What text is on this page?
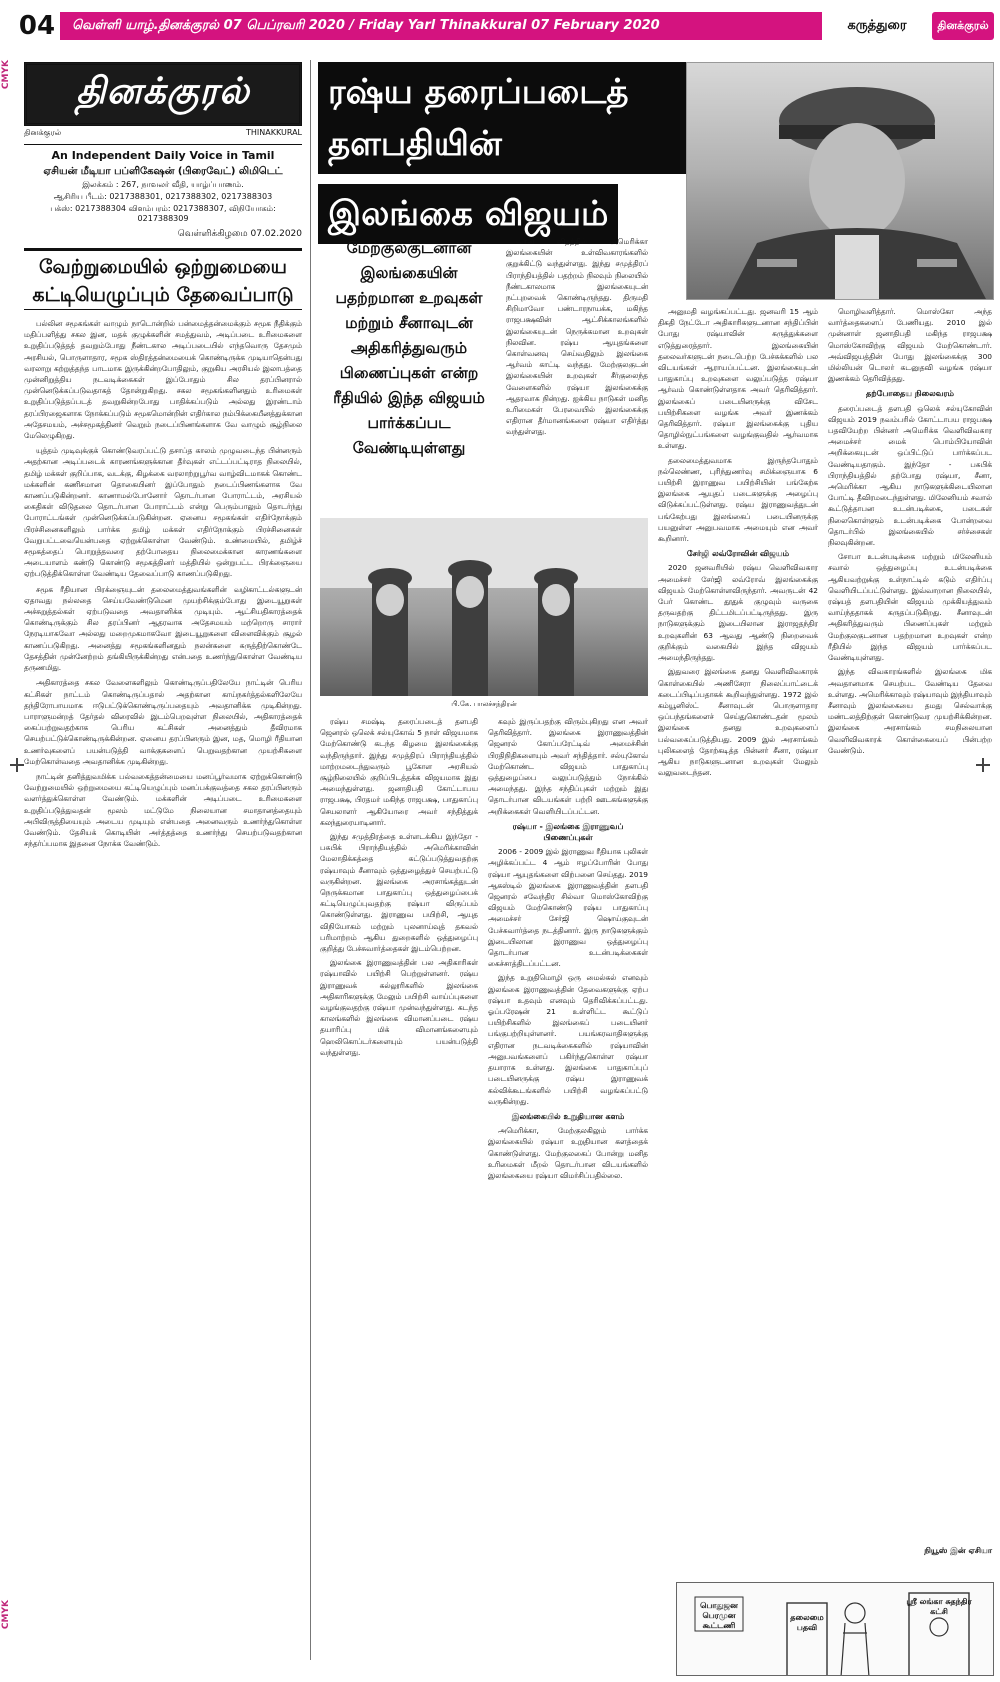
CMYK
CMYK
04	வெள்ளி யாழ்.தினக்குரல் 07 பெப்ரவரி 2020 / Friday Yarl Thinakkural 07 February 2020	கருத்துரை	தினக்குரல்
தினக்குரல்
தினக்குரல்	THINAKKURAL
An Independent Daily Voice in Tamil
ஏசியன் மீடியா பப்ளிகேஷன் (பிரைவேட்) லிமிடெட்
இலக்கம் : 267, நாவலர் வீதி, யாழ்ப்பாணம்.
ஆசிரிய பீடம்: 0217388301, 0217388302, 0217388303
பக்ஸ்: 0217388304 விளம்பரம்: 0217388307, விநியோகம்: 0217388309
வெள்ளிக்கிழமை 07.02.2020
வேற்றுமையில் ஒற்றுமையை கட்டியெழுப்பும் தேவைப்பாடு

பல்லின சமூகங்கள் வாழும் நாடொன்றில் பன்மைத்தன்மைக்கும் சமூக நீதிக்கும் மதிப்பளித்து சகல இன, மதக் குழுக்களின் சமத்துவம், அடிப்படை உரிமைகளை உறுதிப்படுத்தத் தவறும்போது நீண்டகால அடிப்படையில் எந்தவொரு தேசமும் அரசியல், பொருளாதார, சமூக ஸ்திரத்தன்மையைக் கொண்டிருக்க முடியாதென்பது வரலாறு கற்றுத்தந்த பாடமாக இருக்கின்றபோதிலும், குறுகிய அரசியல் இலாபத்தை முன்னிறுத்திய நடவடிக்கைகள் இப்போதும் சில தரப்பினரால் முன்னெடுக்கப்படுவதாகத் தோன்றுகிறது. சகல சமூகங்களினதும் உரிமைகள் உறுதிப்படுத்தப்படத் தவறுகின்றபோது பாதிக்கப்படும் அல்லது இரண்டாம் தரப்பிரஜைகளாக நோக்கப்படும் சமூகமொன்றின் எதிர்கால நம்பிக்கையீனத்துக்கான அதேசமயம், அச்சமூகத்தினர் வெறும் நடைப்பிணங்களாக வே வாழும் சூழ்நிலை மேலெழுகிறது.

யுத்தம் முடிவுக்குக் கொண்டுவரப்பட்டு தசாப்த காலம் முழுவடைந்த பின்னரும் அதற்கான அடிப்படைக் காரணங்களுக்கான தீர்வுகள் எட்டப்பட்டிராத நிலையில், தமிழ் மக்கள் குறிப்பாக, வடக்கு, கிழக்கை வரலாற்றுபூர்வ வாழ்விடமாகக் கொண்ட மக்களின் கணிசமான தொகையினர் இப்போதும் நடைப்பிணங்களாக வே காணப்படுகின்றனர். காணாமல்போனோர் தொடர்பான போராட்டம், அரசியல் கைதிகள் விடுதலை தொடர்பான போராட்டம் என்று பெரும்பாலும் தொடர்ந்து போராட்டங்கள் முன்னெடுக்கப்படுகின்றன. ஏனைய சமூகங்கள் எதிர்நோக்கும் பிரச்சினைகளிலும் பார்க்க தமிழ் மக்கள் எதிர்நோக்கும் பிரச்சினைகள் வேறுபட்டவையென்பதை ஏற்றுக்கொள்ள வேண்டும். உண்மையில், தமிழ்ச் சமூகத்தைப் பொறுத்தவரை தற்போதைய நிலைமைக்கான காரணங்களை அடையாளம் கண்டு கொண்டு சமூகத்தினர் மத்தியில் ஒன்றுபட்ட பிரக்ஞையை ஏற்படுத்திக்கொள்ள வேண்டிய தேவைப்பாடு காணப்படுகிறது.

சமூக ரீதியான பிரக்ஞையுடன் தலைமைத்துவங்களின் வழிகாட்டல்களுடன் ஏதாவது நல்லதை செய்யவேண்டுமென முயற்சிக்கும்போது இடையூறுகள் அச்சுறுத்தல்கள் ஏற்படுவதை அவதானிக்க முடியும். ஆட்சியதிகாரத்தைக் கொண்டிருக்கும் சில தரப்பினர் ஆதரவாக அதேசமயம் மற்றொரு சாரார் நேரடியாகவோ அல்லது மறைமுகமாகவோ இடையூறுகளை விளைவிக்கும் சூழல் காணப்படுகிறது. அனைத்து சமூகங்களினதும் நலன்களை கருத்திற்கொண்டே தேசத்தின் முன்னேற்றம் தங்கியிருக்கின்றது என்பதை உணர்ந்துகொள்ள வேண்டிய தருணமிது.

அதிகாரத்தை சகல வேளைகளிலும் கொண்டிருப்பதிலேயே நாட்டின் பெரிய கட்சிகள் நாட்டம் கொண்டிருப்பதால் அதற்கான காய்நகர்த்தல்களிலேயே தந்திரோபாயமாக ஈடுபட்டுக்கொண்டிருப்பதையும் அவதானிக்க முடிகின்றது. பாராளுமன்றத் தேர்தல் விரைவில் இடம்பெறவுள்ள நிலையில், அதிகாரத்தைக் கைப்பற்றுவதற்காக பெரிய கட்சிகள் அனைத்தும் தீவிரமாக செயற்பட்டுக்கொண்டிருக்கின்றன. ஏனைய தரப்பினரும் இன, மத, மொழி ரீதியான உணர்வுகளைப் பயன்படுத்தி வாக்குகளைப் பெறுவதற்கான முயற்சிகளை மேற்கொள்வதை அவதானிக்க முடிகின்றது.

நாட்டின் தனித்துவமிக்க பல்வகைத்தன்மையை மனப்பூர்வமாக ஏற்றுக்கொண்டு வேற்றுமையில் ஒற்றுமையை கட்டியெழுப்பும் மனப்பக்குவத்தை சகல தரப்பினரும் வளர்த்துக்கொள்ள வேண்டும். மக்களின் அடிப்படை உரிமைகளை உறுதிப்படுத்துவதன் மூலம் மட்டுமே நிலையான சமாதானத்தையும் அபிவிருத்தியையும் அடைய முடியும் என்பதை அனைவரும் உணர்ந்துகொள்ள வேண்டும். தேசியக் கொடியின் அர்த்தத்தை உணர்ந்து செயற்படுவதற்கான சந்தர்ப்பமாக இதனை நோக்க வேண்டும்.

ரஷ்ய தரைப்படைத் தளபதியின் இலங்கை விஜயம்
மேற்குலகுடனான இலங்கையின் பதற்றமான உறவுகள் மற்றும் சீனாவுடன் அதிகரித்துவரும் பிணைப்புகள் என்ற ரீதியில் இந்த விஜயம் பார்க்கப்பட வேண்டியுள்ளது

வான விதத்தில் அமெரிக்கா இலங்கையின் உள்விவகாரங்களில் குறுக்கிட்டு வந்துள்ளது. இந்து சமுத்திரப் பிராந்தியத்தில் பதற்றம் நிலவும் நிலையில் நீண்டகாலமாக இலங்கையுடன் நட்புறவைக் கொண்டிருந்தது. திருமதி சிறிமாவோ பண்டாரநாயக்க, மகிந்த ராஜபக்ஷவின் ஆட்சிக்காலங்களில் இலங்கையுடன் நெருக்கமான உறவுகள் நிலவின. ரஷ்ய ஆயுதங்களை கொள்வனவு செய்வதிலும் இலங்கை ஆர்வம் காட்டி வந்தது. மேற்குலகுடன் இலங்கையின் உறவுகள் சீர்குலைந்த வேளைகளில் ரஷ்யா இலங்கைக்கு ஆதரவாக நின்றது. ஐக்கிய நாடுகள் மனித உரிமைகள் பேரவையில் இலங்கைக்கு எதிரான தீர்மானங்களை ரஷ்யா எதிர்த்து வந்துள்ளது.

பி.கே. பாலச்சந்திரன்

ரஷ்ய சமஷ்டி தரைப்படைத் தளபதி ஜெனரல் ஒலெக் சல்யுகோவ் 5 நாள் விஜயமாக மேற்கொண்டு கடந்த கிழமை இலங்கைக்கு வந்திருந்தார். இந்து சமுத்திரப் பிராந்தியத்தில் மாற்றமடைந்துவரும் பூகோள அரசியல் சூழ்நிலையில் குறிப்பிடத்தக்க விஜயமாக இது அமைந்துள்ளது. ஜனாதிபதி கோட்டாபய ராஜபக்ஷ, பிரதமர் மகிந்த ராஜபக்ஷ, பாதுகாப்பு செயலாளர் ஆகியோரை அவர் சந்தித்துக் கலந்துரையாடினார்.

இந்து சமுத்திரத்தை உள்ளடக்கிய இந்தோ - பசுபிக் பிராந்தியத்தில் அமெரிக்காவின் மேலாதிக்கத்தை கட்டுப்படுத்துவதற்கு ரஷ்யாவும் சீனாவும் ஒத்துழைத்துச் செயற்பட்டு வருகின்றன. இலங்கை அரசாங்கத்துடன் நெருக்கமான பாதுகாப்பு ஒத்துழைப்பைக் கட்டியெழுப்புவதற்கு ரஷ்யா விருப்பம் கொண்டுள்ளது. இராணுவ பயிற்சி, ஆயுத விநியோகம் மற்றும் புலனாய்வுத் தகவல் பரிமாற்றம் ஆகிய துறைகளில் ஒத்துழைப்பு குறித்து பேச்சுவார்த்தைகள் இடம்பெற்றன.

இலங்கை இராணுவத்தின் பல அதிகாரிகள் ரஷ்யாவில் பயிற்சி பெற்றுள்ளனர். ரஷ்ய இராணுவக் கல்லூரிகளில் இலங்கை அதிகாரிகளுக்கு மேலும் பயிற்சி வாய்ப்புகளை வழங்குவதற்கு ரஷ்யா முன்வந்துள்ளது. கடந்த காலங்களில் இலங்கை விமானப்படை ரஷ்ய தயாரிப்பு மிக் விமானங்களையும் ஹெலிகொப்டர்களையும் பயன்படுத்தி வந்துள்ளது.

கவும் இருப்பதற்கு விரும்புகிறது என அவர் தெரிவித்தார். இலங்கை இராணுவத்தின் ஜெனரல் கோப்பரேட்டிவ் அமைச்சின் பிரதிநிதிகளையும் அவர் சந்தித்தார். சல்யுகோவ் மேற்கொண்ட விஜயம் பாதுகாப்பு ஒத்துழைப்பை வலுப்படுத்தும் நோக்கில் அமைந்தது. இந்த சந்திப்புகள் மற்றும் இது தொடர்பான விடயங்கள் பற்றி ஊடகங்களுக்கு அறிக்கைகள் வெளியிடப்பட்டன.

ரஷ்யா - இலங்கை இராணுவப் பிணைப்புகள்

2006 - 2009 இல் இராணுவ ரீதியாக புலிகள் அழிக்கப்பட்ட 4 ஆம் ஈழப்போரின் போது ரஷ்யா ஆயுதங்களை விற்பனை செய்தது. 2019 ஆகஸ்டில் இலங்கை இராணுவத்தின் தளபதி ஜெனரல் சவேந்திர சில்வா மொஸ்கோவிற்கு விஜயம் மேற்கொண்டு ரஷ்ய பாதுகாப்பு அமைச்சர் சேர்ஜி ஷொய்குவுடன் பேச்சுவார்த்தை நடத்தினார். இரு நாடுகளுக்கும் இடையிலான இராணுவ ஒத்துழைப்பு தொடர்பான உடன்படிக்கைகள் கைச்சாத்திடப்பட்டன.

இந்த உறுதிமொழி ஒரு மைல்கல் எனவும் இலங்கை இராணுவத்தின் தேவைகளுக்கு ஏற்ப ரஷ்யா உதவும் எனவும் தெரிவிக்கப்பட்டது. ஓப்பரேஷன் 21 உள்ளிட்ட கூட்டுப் பயிற்சிகளில் இலங்கைப் படையினர் பங்குபற்றியுள்ளனர். பயங்கரவாதிகளுக்கு எதிரான நடவடிக்கைகளில் ரஷ்யாவின் அனுபவங்களைப் பகிர்ந்துகொள்ள ரஷ்யா தயாராக உள்ளது. இலங்கை பாதுகாப்புப் படையினருக்கு ரஷ்ய இராணுவக் கல்விக்கூடங்களில் பயிற்சி வழங்கப்பட்டு வருகின்றது.

இலங்கையில் உறுதியான களம்

அமெரிக்கா, மேற்குலகிலும் பார்க்க இலங்கையில் ரஷ்யா உறுதியான களத்தைக் கொண்டுள்ளது. மேற்குலகைப் போன்று மனித உரிமைகள் மீறல் தொடர்பான விடயங்களில் இலங்கையை ரஷ்யா விமர்சிப்பதில்லை.

அனுமதி வழங்கப்பட்டது. ஜனவரி 15 ஆம் திகதி நேட்டோ அதிகாரிகளுடனான சந்திப்பின் போது ரஷ்யாவின் கருத்துக்களை எடுத்துரைத்தார். இலங்கையின் தலைவர்களுடன் நடைபெற்ற பேச்சுக்களில் பல விடயங்கள் ஆராயப்பட்டன. இலங்கையுடன் பாதுகாப்பு உறவுகளை வலுப்படுத்த ரஷ்யா ஆர்வம் கொண்டுள்ளதாக அவர் தெரிவித்தார். இலங்கைப் படையினருக்கு விசேட பயிற்சிகளை வழங்க அவர் இணக்கம் தெரிவித்தார். ரஷ்யா இலங்கைக்கு புதிய தொழில்நுட்பங்களை வழங்குவதில் ஆர்வமாக உள்ளது.

தலைமைத்துவமாக இருந்தபோதும் நல்லெண்ண, புரிந்துணர்வு சமிக்ஞையாக 6 பயிற்சி இராணுவ பயிற்சியின் பங்கேற்க இலங்கை ஆயுதப் படைகளுக்கு அழைப்பு விடுக்கப்பட்டுள்ளது. ரஷ்ய இராணுவத்துடன் பங்கேற்பது இலங்கைப் படையினருக்கு பயனுள்ள அனுபவமாக அமையும் என அவர் கூறினார்.

சேர்ஜி லவ்ரோவின் விஜயம்

2020 ஜனவரியில் ரஷ்ய வெளிவிவகார அமைச்சர் சேர்ஜி லவ்ரோவ் இலங்கைக்கு விஜயம் மேற்கொள்ளவிருந்தார். அவருடன் 42 பேர் கொண்ட தூதுக் குழுவும் வருகை தருவதற்கு திட்டமிடப்பட்டிருந்தது. இரு நாடுகளுக்கும் இடையிலான இராஜதந்திர உறவுகளின் 63 ஆவது ஆண்டு நிறைவைக் குறிக்கும் வகையில் இந்த விஜயம் அமைந்திருந்தது.

இதுவரை இலங்கை தனது வெளிவிவகாரக் கொள்கையில் அணிசேரா நிலைப்பாட்டைக் கடைப்பிடிப்பதாகக் கூறிவந்துள்ளது. 1972 இல் கம்யூனிஸ்ட் சீனாவுடன் பொருளாதார ஒப்பந்தங்களைச் செய்துகொண்டதன் மூலம் இலங்கை தனது உறவுகளைப் பல்வகைப்படுத்தியது. 2009 இல் அரசாங்கம் புலிகளைத் தோற்கடித்த பின்னர் சீனா, ரஷ்யா ஆகிய நாடுகளுடனான உறவுகள் மேலும் வலுவடைந்தன.

மொழிவளித்தார். மொஸ்கோ அந்த வார்த்தைகளைப் பேணியது. 2010 இல் முன்னாள் ஜனாதிபதி மகிந்த ராஜபக்ஷ மொஸ்கோவிற்கு விஜயம் மேற்கொண்டார். அவ்விஜயத்தின் போது இலங்கைக்கு 300 மில்லியன் டொலர் கடனுதவி வழங்க ரஷ்யா இணக்கம் தெரிவித்தது.

தற்போதைய நிலைவரம்

தரைப்படைத் தளபதி ஒலெக் சல்யுகோவின் விஜயம் 2019 நவம்பரில் கோட்டாபய ராஜபக்ஷ பதவியேற்ற பின்னர் அமெரிக்க வெளிவிவகார அமைச்சர் மைக் பொம்பியோவின் அறிக்கையுடன் ஒப்பிட்டுப் பார்க்கப்பட வேண்டியதாகும். இந்தோ - பசுபிக் பிராந்தியத்தில் தற்போது ரஷ்யா, சீனா, அமெரிக்கா ஆகிய நாடுகளுக்கிடையிலான போட்டி தீவிரமடைந்துள்ளது. மிலேனியம் சவால் கூட்டுத்தாபன உடன்படிக்கை, படைகள் நிலைகொள்ளும் உடன்படிக்கை போன்றவை தொடர்பில் இலங்கையில் சர்ச்சைகள் நிலவுகின்றன.

சோபா உடன்படிக்கை மற்றும் மிலேனியம் சவால் ஒத்துழைப்பு உடன்படிக்கை ஆகியவற்றுக்கு உள்நாட்டில் கடும் எதிர்ப்பு வெளியிடப்பட்டுள்ளது. இவ்வாறான நிலையில், ரஷ்யத் தளபதியின் விஜயம் முக்கியத்துவம் வாய்ந்ததாகக் கருதப்படுகிறது. சீனாவுடன் அதிகரித்துவரும் பிணைப்புகள் மற்றும் மேற்குலகுடனான பதற்றமான உறவுகள் என்ற ரீதியில் இந்த விஜயம் பார்க்கப்பட வேண்டியுள்ளது.

இந்த விவகாரங்களில் இலங்கை மிக அவதானமாக செயற்பட வேண்டிய தேவை உள்ளது. அமெரிக்காவும் ரஷ்யாவும் இந்தியாவும் சீனாவும் இலங்கையை தமது செல்வாக்கு மண்டலத்திற்குள் கொண்டுவர முயற்சிக்கின்றன. இலங்கை அரசாங்கம் சமநிலையான வெளிவிவகாரக் கொள்கையைப் பின்பற்ற வேண்டும்.

நியூஸ் இன் ஏசியா
பொதுஜன பெரமுன கூட்டணி
தலைமை பதவி
ஸ்ரீ லங்கா சுதந்திர கட்சி
